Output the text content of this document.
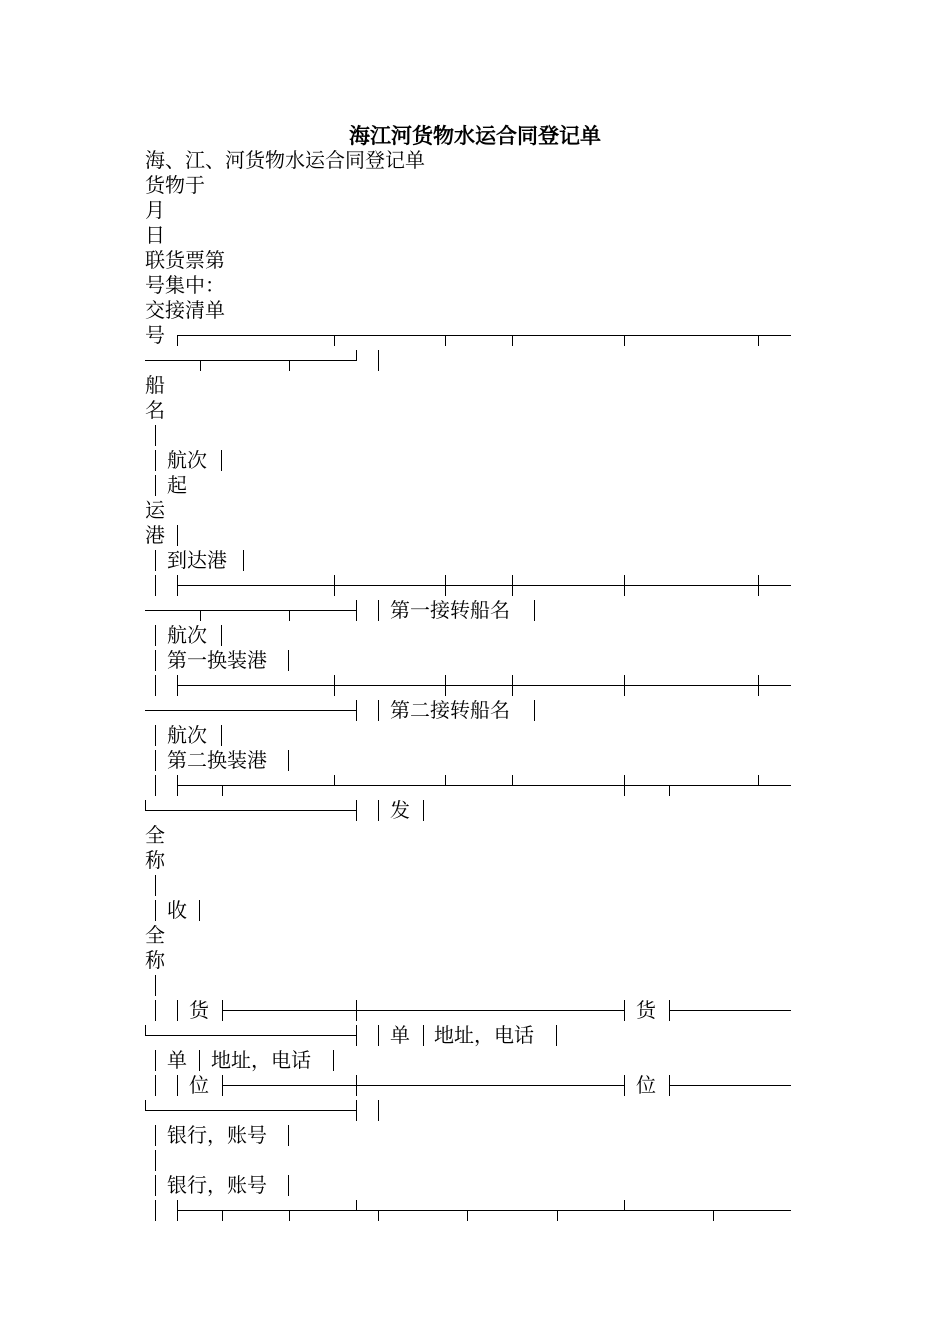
海江河货物水运合同登记单
海、江、河货物水运合同登记单
货物于
月
日
联货票第
号集中：
交接清单
号
船
名
航次
起
运
港
到达港
第一接转船名
航次
第一换装港
第二接转船名
航次
第二换装港
发
全
称
收
全
称
货	货
单 地址，电话
单 地址，电话
位	位
银行，账号
银行，账号
